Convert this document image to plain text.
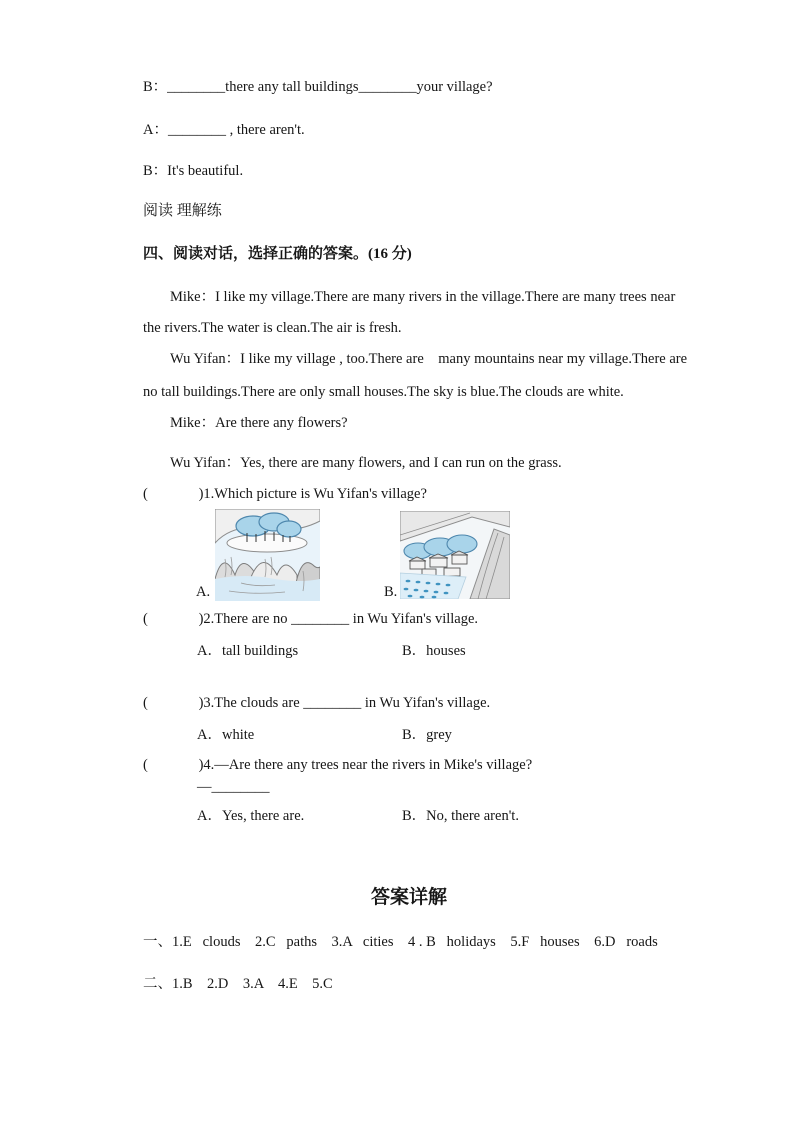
B：________there any tall buildings________your village?
A：________ , there aren't.
B：It's beautiful.
阅读 理解练
四、阅读对话，选择正确的答案。(16 分)
Mike：I like my village.There are many rivers in the village.There are many trees near
the rivers.The water is clean.The air is fresh.
Wu Yifan：I like my village , too.There are    many mountains near my village.There are
no tall buildings.There are only small houses.The sky is blue.The clouds are white.
Mike：Are there any flowers?
Wu Yifan：Yes, there are many flowers, and I can run on the grass.
(              )1.Which picture is Wu Yifan's village?
A.	B.
(              )2.There are no ________ in Wu Yifan's village.
A．tall buildings	B．houses
(              )3.The clouds are ________ in Wu Yifan's village.
A．white	B．grey
(              )4.—Are there any trees near the rivers in Mike's village?
—________
A．Yes, there are.	B．No, there aren't.
答案详解
一、1.E   clouds    2.C   paths    3.A   cities    4 . B   holidays    5.F   houses    6.D   roads
二、1.B    2.D    3.A    4.E    5.C
